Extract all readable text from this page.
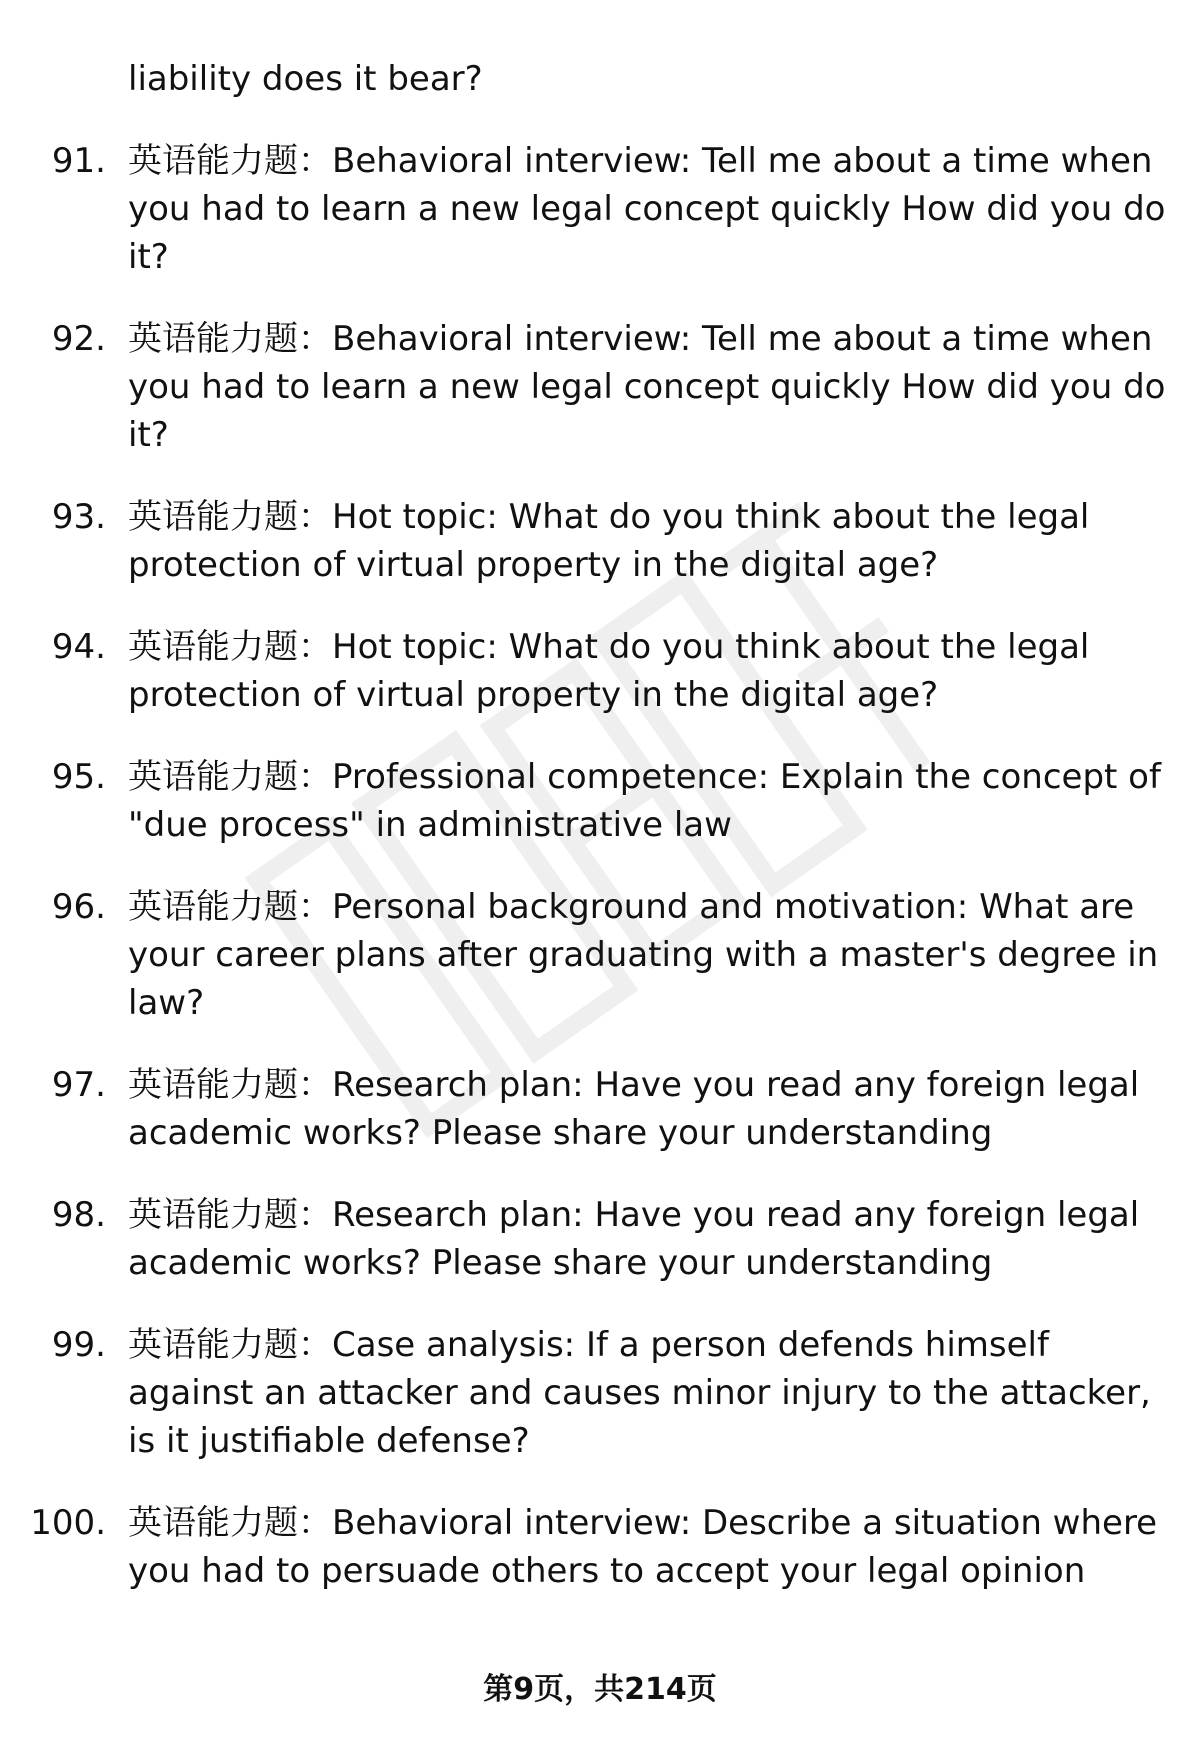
liability does it bear?
91. 英语能力题：Behavioral interview: Tell me about a time when you had to learn a new legal concept quickly How did you do it?
92. 英语能力题：Behavioral interview: Tell me about a time when you had to learn a new legal concept quickly How did you do it?
93. 英语能力题：Hot topic: What do you think about the legal protection of virtual property in the digital age?
94. 英语能力题：Hot topic: What do you think about the legal protection of virtual property in the digital age?
95. 英语能力题：Professional competence: Explain the concept of "due process" in administrative law
96. 英语能力题：Personal background and motivation: What are your career plans after graduating with a master's degree in law?
97. 英语能力题：Research plan: Have you read any foreign legal academic works? Please share your understanding
98. 英语能力题：Research plan: Have you read any foreign legal academic works? Please share your understanding
99. 英语能力题：Case analysis: If a person defends himself against an attacker and causes minor injury to the attacker, is it justifiable defense?
100. 英语能力题：Behavioral interview: Describe a situation where you had to persuade others to accept your legal opinion
第9页，共214页
